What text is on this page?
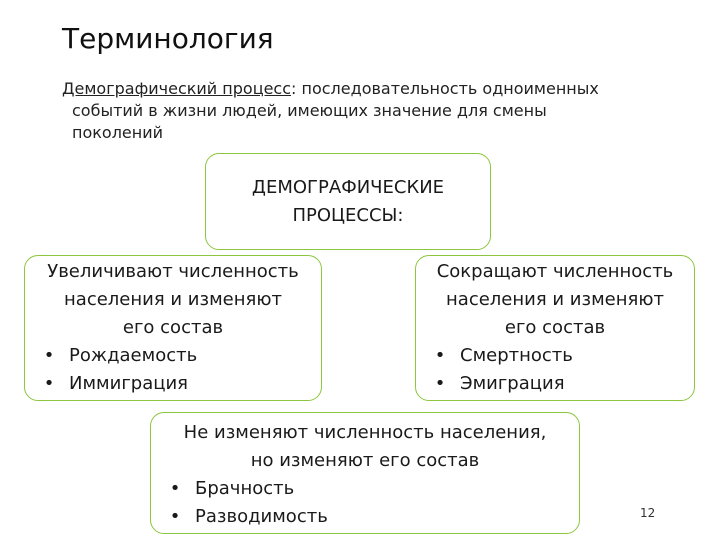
Терминология
Демографический процесс: последовательность одноименных
событий в жизни людей, имеющих значение для смены
поколений
ДЕМОГРАФИЧЕСКИЕ
ПРОЦЕССЫ:
Увеличивают численность
населения и изменяют
его состав
• Рождаемость
• Иммиграция
Сокращают численность
населения и изменяют
его состав
• Смертность
• Эмиграция
Не изменяют численность населения,
но изменяют его состав
• Брачность
• Разводимость	12
